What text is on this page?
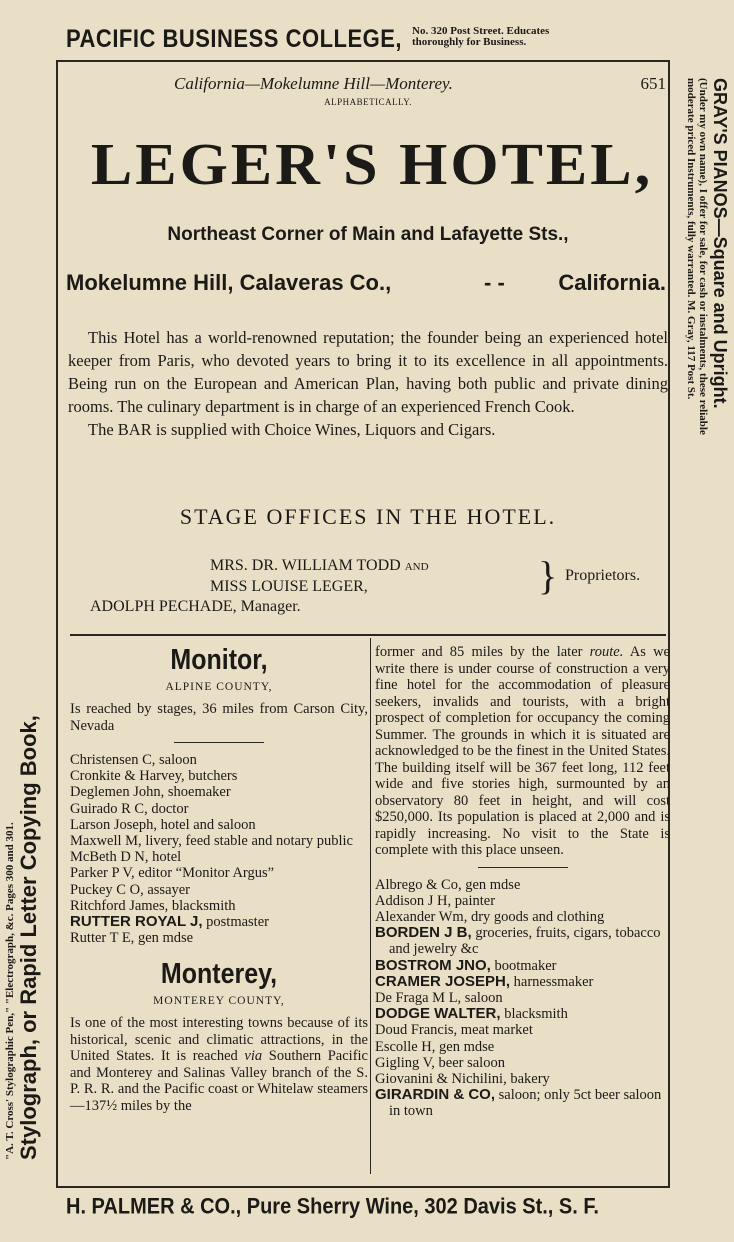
PACIFIC BUSINESS COLLEGE, No. 320 Post Street. Educates
thoroughly for Business.
"A. T. Cross' Stylographic Pen," "Electrograph, &c. Pages 300 and 301. Stylograph, or Rapid Letter Copying Book,
GRAY'S PIANOS—Square and Upright.
(Under my own name), I offer for sale, for cash or instalments, these reliable
moderate priced Instruments, fully warranted. M. Gray, 117 Post St.
California—Mokelumne Hill—Monterey.	651
ALPHABETICALLY.
LEGER'S HOTEL,
Northeast Corner of Main and Lafayette Sts.,
Mokelumne Hill, Calaveras Co.,	- - California.

This Hotel has a world-renowned reputation; the founder being an experienced hotel keeper from Paris, who devoted years to bring it to its excellence in all appointments. Being run on the European and American Plan, having both public and private dining rooms. The culinary department is in charge of an experienced French Cook.

The BAR is supplied with Choice Wines, Liquors and Cigars.

STAGE OFFICES IN THE HOTEL.
MRS. DR. WILLIAM TODD AND
MISS LOUISE LEGER,	} Proprietors.
ADOLPH PECHADE, Manager.
Monitor,
ALPINE COUNTY,

Is reached by stages, 36 miles from Carson City, Nevada

Christensen C, saloon
Cronkite & Harvey, butchers
Deglemen John, shoemaker
Guirado R C, doctor
Larson Joseph, hotel and saloon
Maxwell M, livery, feed stable and notary public
McBeth D N, hotel
Parker P V, editor “Monitor Argus”
Puckey C O, assayer
Ritchford James, blacksmith
RUTTER ROYAL J, postmaster
Rutter T E, gen mdse
Monterey,
MONTEREY COUNTY,

Is one of the most interesting towns because of its historical, scenic and climatic attractions, in the United States. It is reached via Southern Pacific and Monterey and Salinas Valley branch of the S. P. R. R. and the Pacific coast or Whitelaw steamers—137½ miles by the

former and 85 miles by the later route. As we write there is under course of construction a very fine hotel for the accommodation of pleasure seekers, invalids and tourists, with a bright prospect of completion for occupancy the coming Summer. The grounds in which it is situated are acknowledged to be the finest in the United States. The building itself will be 367 feet long, 112 feet wide and five stories high, surmounted by an observatory 80 feet in height, and will cost $250,000. Its population is placed at 2,000 and is rapidly increasing. No visit to the State is complete with this place unseen.

Albrego & Co, gen mdse
Addison J H, painter
Alexander Wm, dry goods and clothing
BORDEN J B, groceries, fruits, cigars, tobacco and jewelry &c
BOSTROM JNO, bootmaker
CRAMER JOSEPH, harnessmaker
De Fraga M L, saloon
DODGE WALTER, blacksmith
Doud Francis, meat market
Escolle H, gen mdse
Gigling V, beer saloon
Giovanini & Nichilini, bakery
GIRARDIN & CO, saloon; only 5ct beer saloon in town
H. PALMER & CO., Pure Sherry Wine, 302 Davis St., S. F.
